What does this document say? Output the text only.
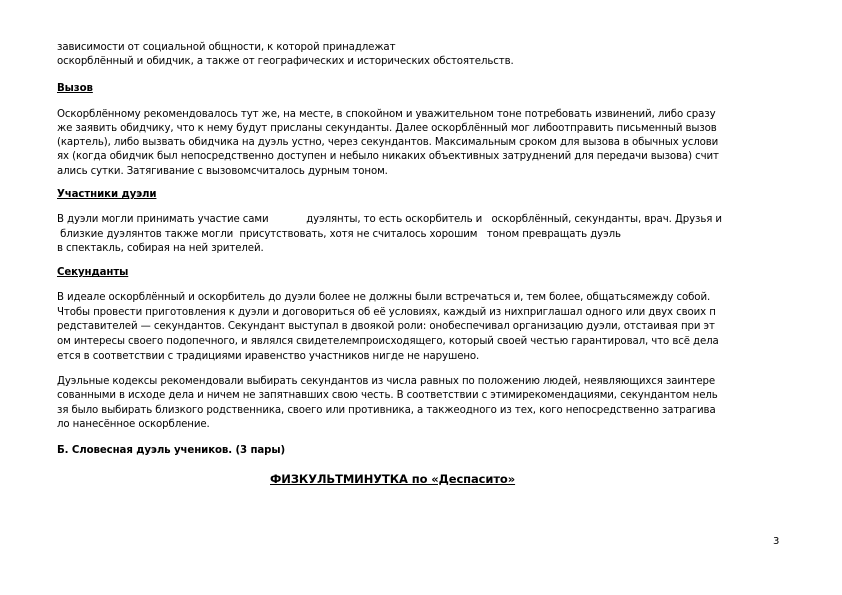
зависимости от социальной общности, к которой принадлежат
оскорблённый и обидчик, а также от географических и исторических обстоятельств.
Вызов
Оскорблённому рекомендовалось тут же, на месте, в спокойном и уважительном тоне потребовать извинений, либо сразу
же заявить обидчику, что к нему будут присланы секунданты. Далее оскорблённый мог либоотправить письменный вызов
(картель), либо вызвать обидчика на дуэль устно, через секундантов. Максимальным сроком для вызова в обычных услови
ях (когда обидчик был непосредственно доступен и небыло никаких объективных затруднений для передачи вызова) счит
ались сутки. Затягивание с вызовомсчиталось дурным тоном.
Участники дуэли
В дуэли могли принимать участие сами            дуэлянты, то есть оскорбитель и   оскорблённый, секунданты, врач. Друзья и
близкие дуэлянтов также могли  присутствовать, хотя не считалось хорошим   тоном превращать дуэль
в спектакль, собирая на ней зрителей.
Секунданты
В идеале оскорблённый и оскорбитель до дуэли более не должны были встречаться и, тем более, общатьсямежду собой.
Чтобы провести приготовления к дуэли и договориться об её условиях, каждый из нихприглашал одного или двух своих п
редставителей — секундантов. Секундант выступал в двоякой роли: онобеспечивал организацию дуэли, отстаивая при эт
ом интересы своего подопечного, и являлся свидетелемпроисходящего, который своей честью гарантировал, что всё дела
ется в соответствии с традициями иравенство участников нигде не нарушено.
Дуэльные кодексы рекомендовали выбирать секундантов из числа равных по положению людей, неявляющихся заинтере
сованными в исходе дела и ничем не запятнавших свою честь. В соответствии с этимирекомендациями, секундантом нель
зя было выбирать близкого родственника, своего или противника, а такжеодного из тех, кого непосредственно затрагива
ло нанесённое оскорбление.
Б. Словесная дуэль учеников. (3 пары)
ФИЗКУЛЬТМИНУТКА по «Деспасито»
3
